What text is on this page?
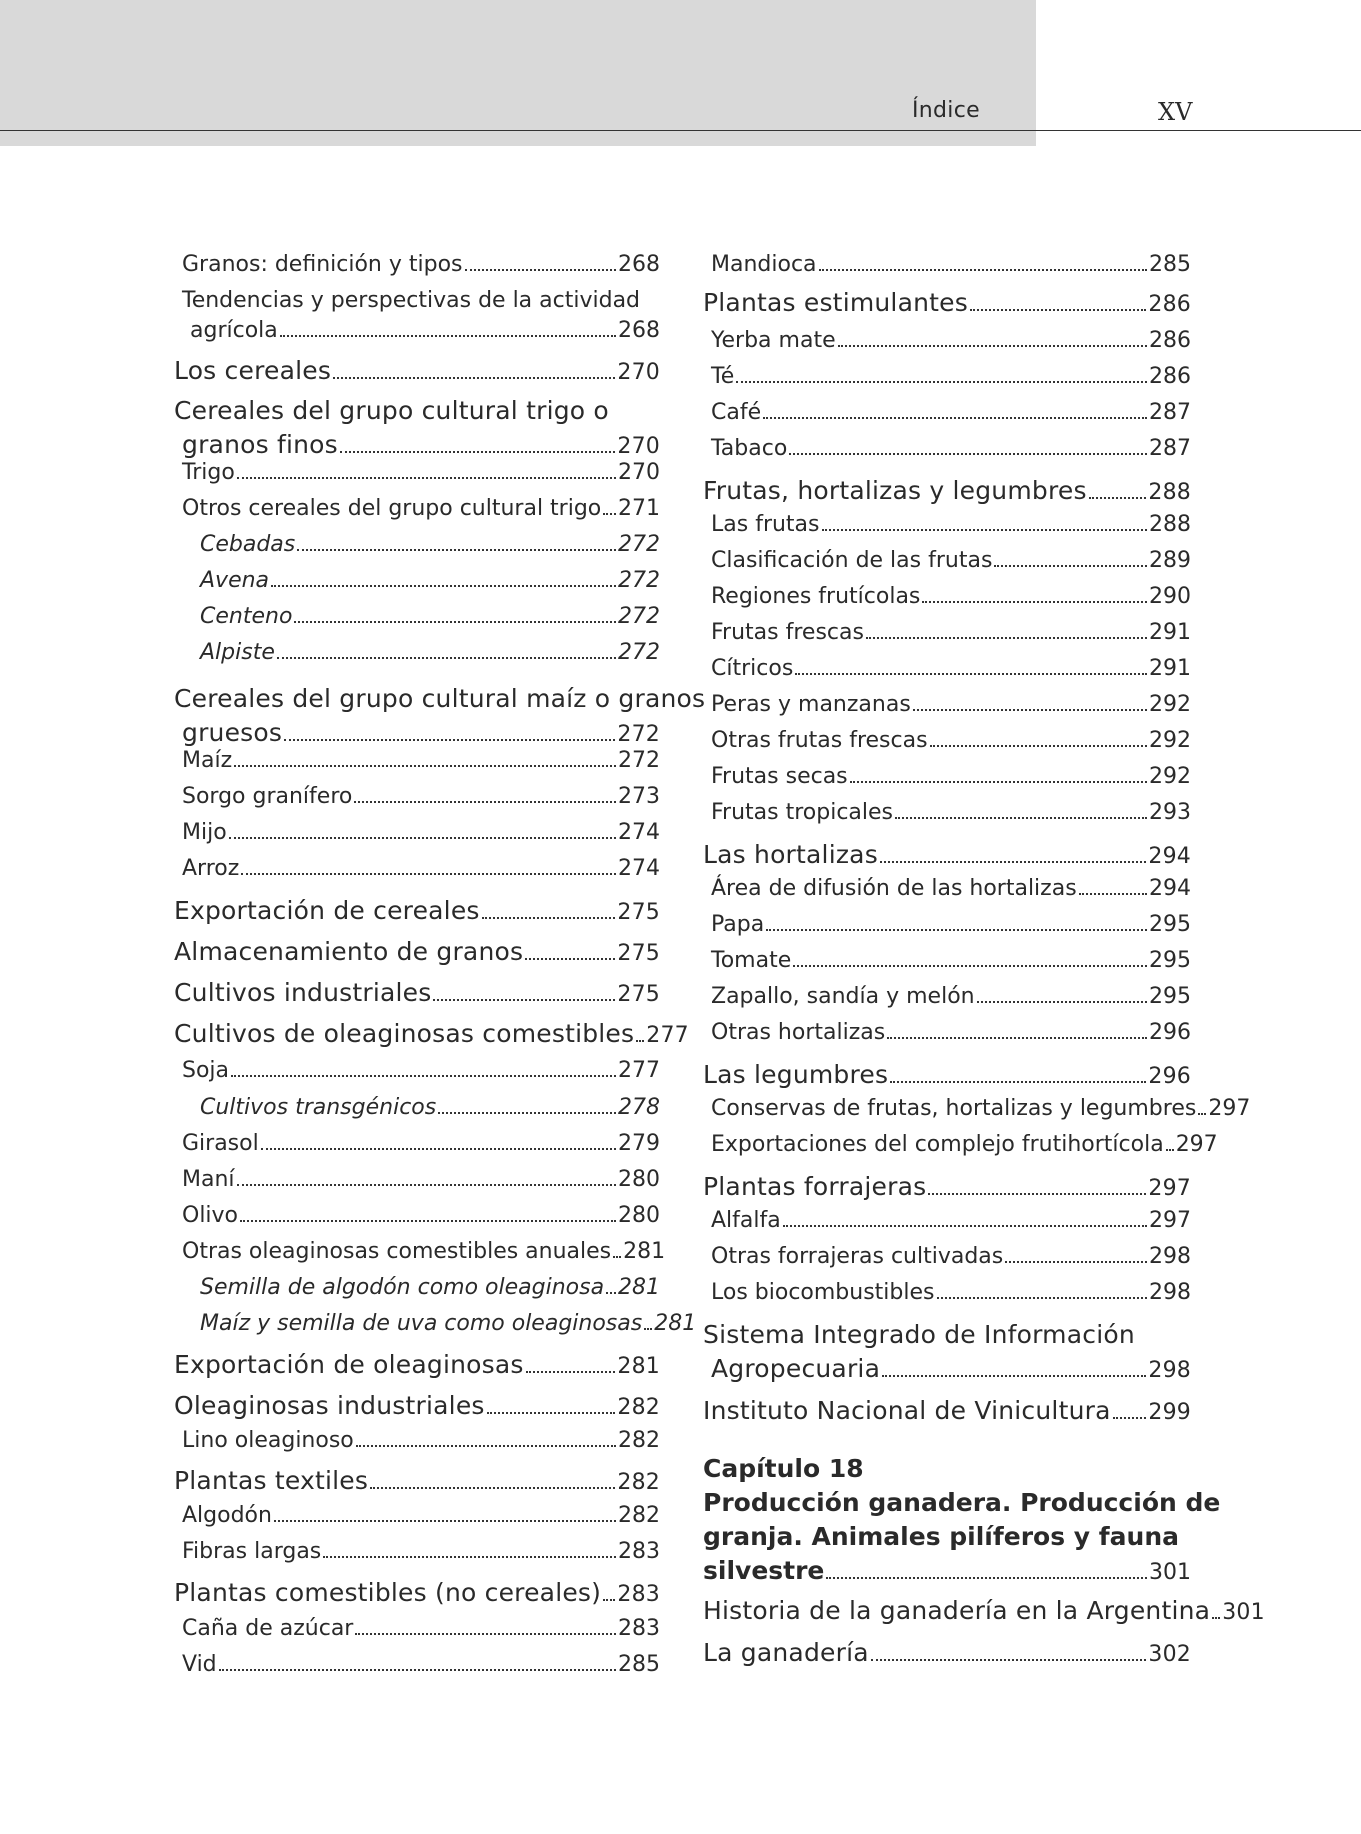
Índice	XV
Granos: definición y tipos	268
Tendencias y perspectivas de la actividad
agrícola	268
Los cereales	270
Cereales del grupo cultural trigo o
granos finos	270
Trigo	270
Otros cereales del grupo cultural trigo 271
Cebadas	272
Avena	272
Centeno	272
Alpiste	272
Cereales del grupo cultural maíz o granos
gruesos	272
Maíz	272
Sorgo granífero	273
Mijo	274
Arroz	274
Exportación de cereales	275
Almacenamiento de granos	275
Cultivos industriales	275
Cultivos de oleaginosas comestibles 277
Soja	277
Cultivos transgénicos	278
Girasol	279
Maní	280
Olivo	280
Otras oleaginosas comestibles anuales 281
Semilla de algodón como oleaginosa 281
Maíz y semilla de uva como oleaginosas 281
Exportación de oleaginosas	281
Oleaginosas industriales	282
Lino oleaginoso	282
Plantas textiles	282
Algodón	282
Fibras largas	283
Plantas comestibles (no cereales) 283
Caña de azúcar	283
Vid	285
Mandioca	285
Plantas estimulantes	286
Yerba mate	286
Té	286
Café	287
Tabaco	287
Frutas, hortalizas y legumbres	288
Las frutas	288
Clasificación de las frutas	289
Regiones frutícolas	290
Frutas frescas	291
Cítricos	291
Peras y manzanas	292
Otras frutas frescas	292
Frutas secas	292
Frutas tropicales	293
Las hortalizas	294
Área de difusión de las hortalizas	294
Papa	295
Tomate	295
Zapallo, sandía y melón	295
Otras hortalizas	296
Las legumbres	296
Conservas de frutas, hortalizas y legumbres 297
Exportaciones del complejo frutihortícola 297
Plantas forrajeras	297
Alfalfa	297
Otras forrajeras cultivadas	298
Los biocombustibles	298
Sistema Integrado de Información
Agropecuaria	298
Instituto Nacional de Vinicultura 299
Capítulo 18
Producción ganadera. Producción de
granja. Animales pilíferos y fauna
silvestre	301
Historia de la ganadería en la Argentina 301
La ganadería	302
